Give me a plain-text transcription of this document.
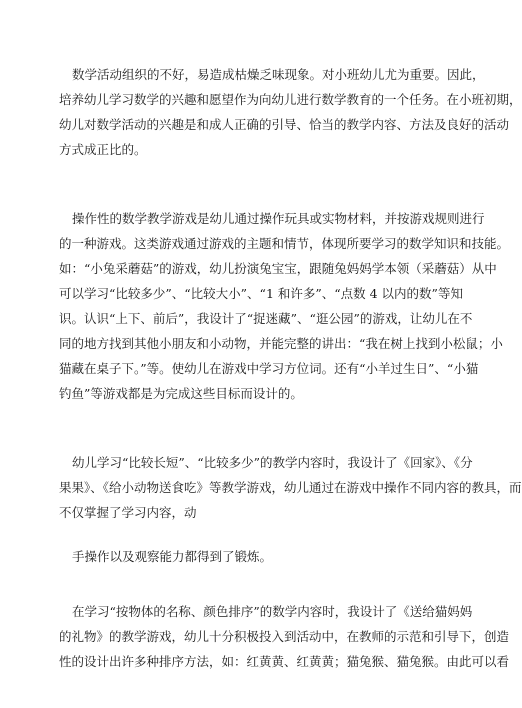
数学活动组织的不好，易造成枯燥乏味现象。对小班幼儿尤为重要。因此，
培养幼儿学习数学的兴趣和愿望作为向幼儿进行数学教育的一个任务。在小班初期，
幼儿对数学活动的兴趣是和成人正确的引导、恰当的教学内容、方法及良好的活动
方式成正比的。
操作性的数学教学游戏是幼儿通过操作玩具或实物材料，并按游戏规则进行
的一种游戏。这类游戏通过游戏的主题和情节，体现所要学习的数学知识和技能。
如：“小兔采蘑菇”的游戏，幼儿扮演兔宝宝，跟随兔妈妈学本领（采蘑菇）从中
可以学习“比较多少”、“比较大小”、“1 和许多”、“点数 4 以内的数”等知
识。认识“上下、前后”，我设计了“捉迷藏”、“逛公园”的游戏，让幼儿在不
同的地方找到其他小朋友和小动物，并能完整的讲出：“我在树上找到小松鼠；小
猫藏在桌子下。”等。使幼儿在游戏中学习方位词。还有“小羊过生日”、“小猫
钓鱼”等游戏都是为完成这些目标而设计的。
幼儿学习“比较长短”、“比较多少”的教学内容时，我设计了《回家》、《分
果果》、《给小动物送食吃》等教学游戏，幼儿通过在游戏中操作不同内容的教具，而
不仅掌握了学习内容，动
手操作以及观察能力都得到了锻炼。
在学习“按物体的名称、颜色排序”的数学内容时，我设计了《送给猫妈妈
的礼物》的教学游戏，幼儿十分积极投入到活动中，在教师的示范和引导下，创造
性的设计出许多种排序方法，如：红黄黄、红黄黄；猫兔猴、猫兔猴。由此可以看
